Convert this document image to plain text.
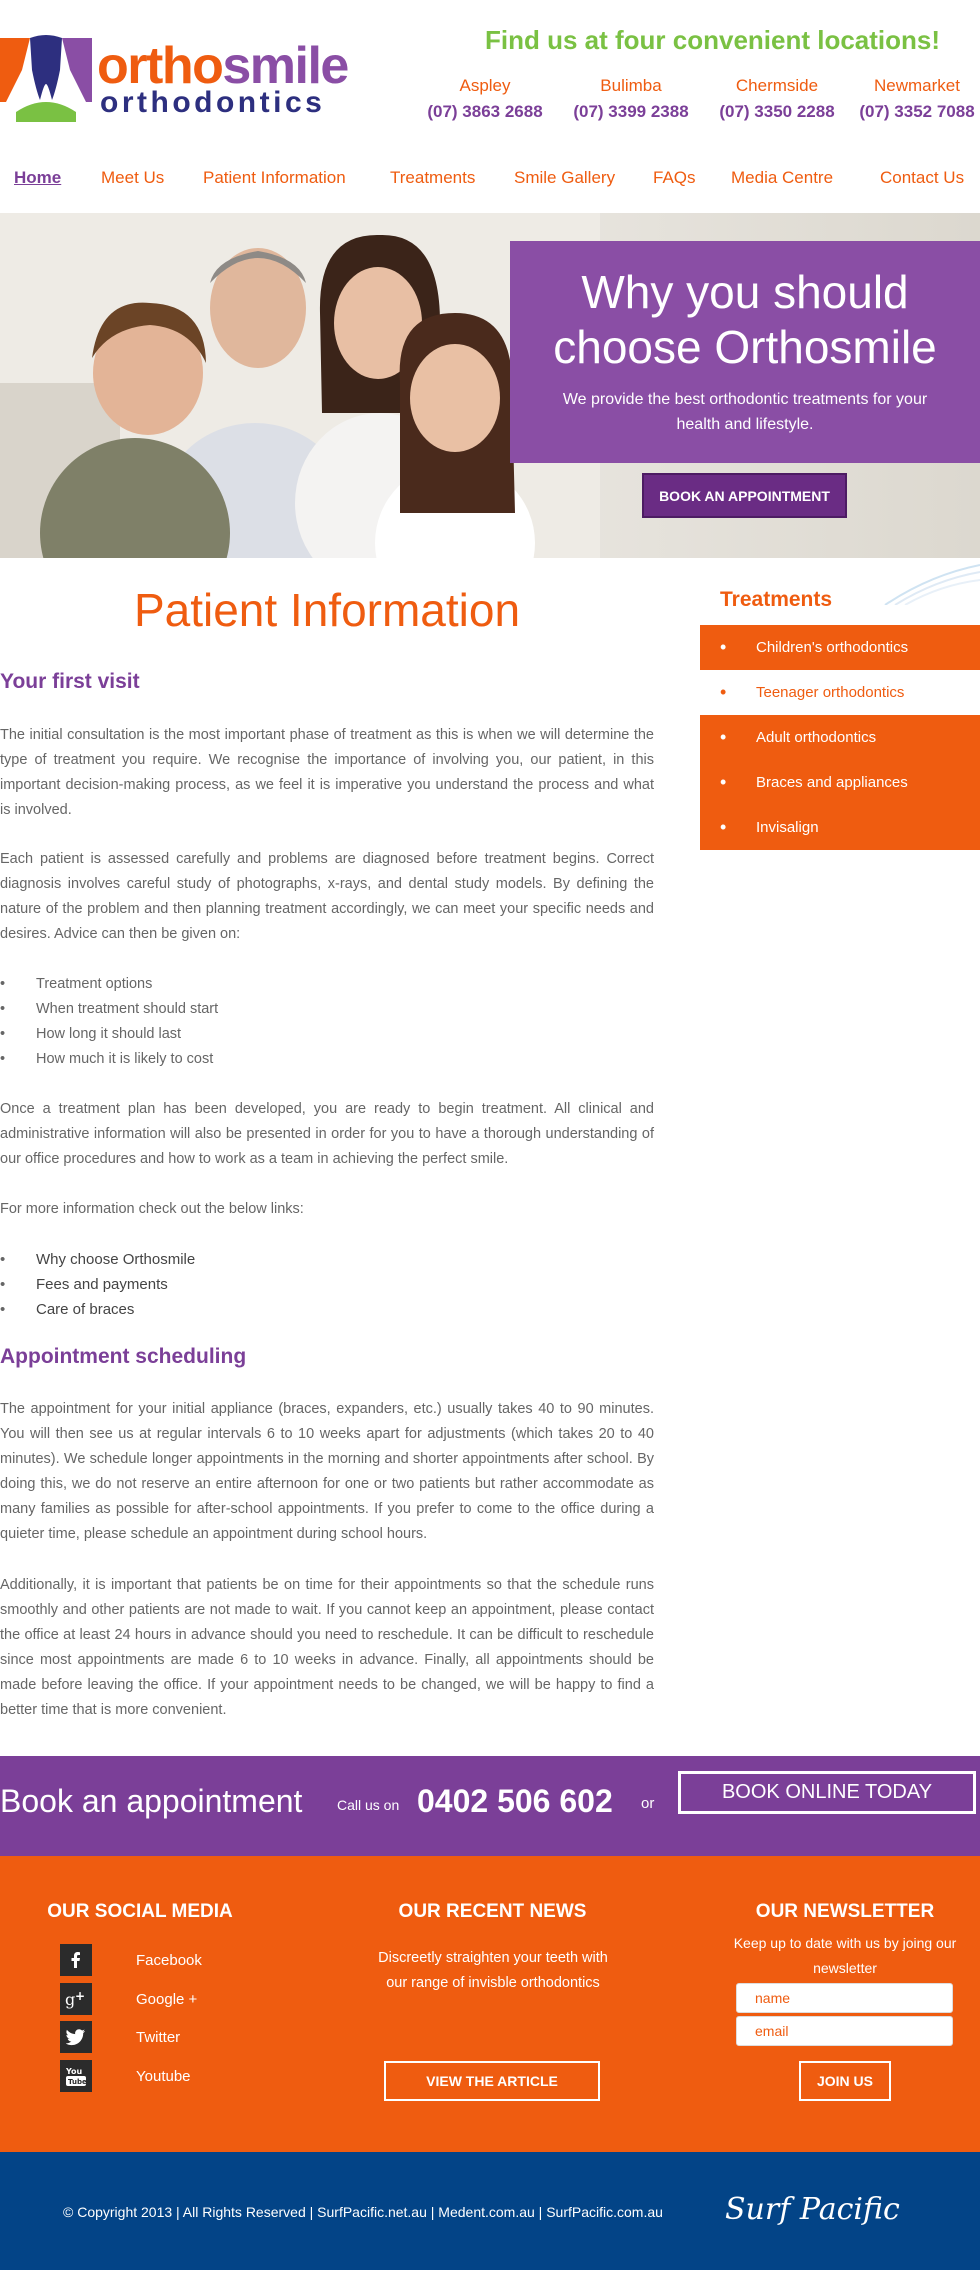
orthosmile
orthodontics
Find us at four convenient locations!
Aspley
(07) 3863 2688
Bulimba
(07) 3399 2388
Chermside
(07) 3350 2288
Newmarket
(07) 3352 7088
Home Meet Us Patient Information	Treatments Smile Gallery FAQs Media Centre	Contact Us
Why you should choose Orthosmile
We provide the best orthodontic treatments for your health and lifestyle.
BOOK AN APPOINTMENT
Patient Information
Your first visit

The initial consultation is the most important phase of treatment as this is when we will determine the type of treatment you require. We recognise the importance of involving you, our patient, in this important decision-making process, as we feel it is imperative you understand the process and what is involved.

Each patient is assessed carefully and problems are diagnosed before treatment begins. Correct diagnosis involves careful study of photographs, x-rays, and dental study models. By defining the nature of the problem and then planning treatment accordingly, we can meet your specific needs and desires. Advice can then be given on:

• Treatment options
• When treatment should start
• How long it should last
• How much it is likely to cost

Once a treatment plan has been developed, you are ready to begin treatment. All clinical and administrative information will also be presented in order for you to have a thorough understanding of our office procedures and how to work as a team in achieving the perfect smile.

For more information check out the below links:

• Why choose Orthosmile
• Fees and payments
• Care of braces
Appointment scheduling

The appointment for your initial appliance (braces, expanders, etc.) usually takes 40 to 90 minutes. You will then see us at regular intervals 6 to 10 weeks apart for adjustments (which takes 20 to 40 minutes). We schedule longer appointments in the morning and shorter appointments after school. By doing this, we do not reserve an entire afternoon for one or two patients but rather accommodate as many families as possible for after-school appointments. If you prefer to come to the office during a quieter time, please schedule an appointment during school hours.

Additionally, it is important that patients be on time for their appointments so that the schedule runs smoothly and other patients are not made to wait. If you cannot keep an appointment, please contact the office at least 24 hours in advance should you need to reschedule. It can be difficult to reschedule since most appointments are made 6 to 10 weeks in advance. Finally, all appointments should be made before leaving the office. If your appointment needs to be changed, we will be happy to find a better time that is more convenient.

Treatments
• Children's orthodontics
• Teenager orthodontics
• Adult orthodontics
• Braces and appliances
• Invisalign
Book an appointment Call us on 0402 506 602 or
BOOK ONLINE TODAY
OUR SOCIAL MEDIA
Facebook
g +	Google +
Twitter
You
Tube	Youtube
OUR RECENT NEWS
Discreetly straighten your teeth with our range of invisble orthodontics
VIEW THE ARTICLE
OUR NEWSLETTER
Keep up to date with us by joing our newsletter
name
email
JOIN US
© Copyright 2013 | All Rights Reserved | SurfPacific.net.au | Medent.com.au | SurfPacific.com.au Surf Pacific
